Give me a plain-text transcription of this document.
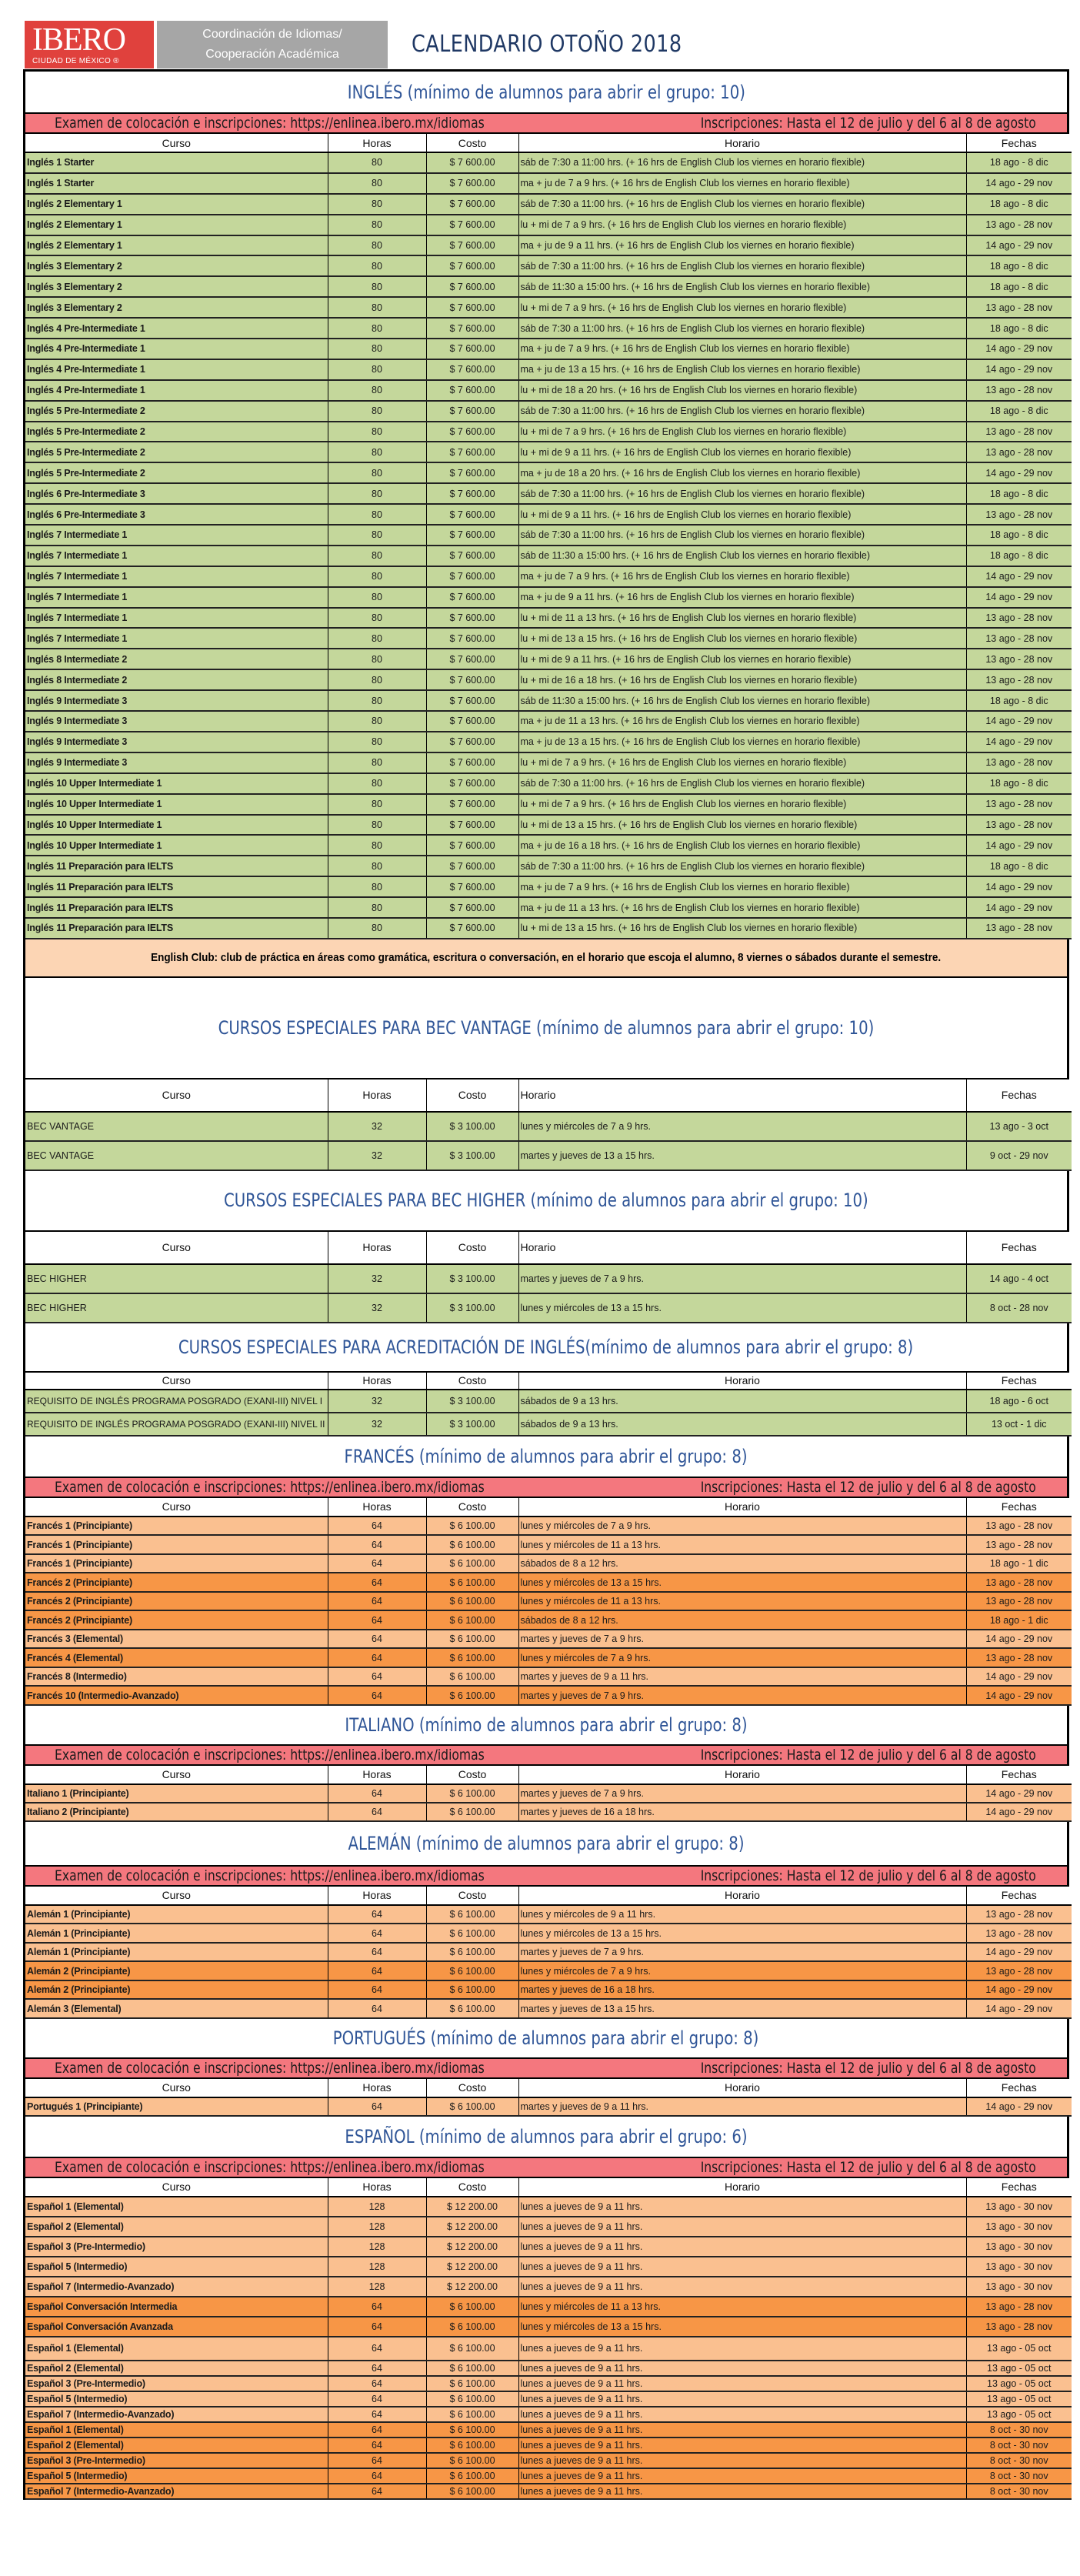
IBERO
CIUDAD DE MÉXICO ®
Coordinación de Idiomas/
Cooperación Académica	CALENDARIO OTOÑO 2018
INGLÉS (mínimo de alumnos para abrir el grupo: 10)
Examen de colocación e inscripciones: https://enlinea.ibero.mx/idiomas	Inscripciones: Hasta el 12 de julio y del 6 al 8 de agosto
Curso	Horas	Costo	Horario	Fechas
Inglés 1 Starter	80	$ 7 600.00	sáb de 7:30 a 11:00 hrs. (+ 16 hrs de English Club los viernes en horario flexible)	18 ago - 8 dic
Inglés 1 Starter	80	$ 7 600.00	ma + ju de 7 a 9 hrs. (+ 16 hrs de English Club los viernes en horario flexible)	14 ago - 29 nov
Inglés 2 Elementary 1	80	$ 7 600.00	sáb de 7:30 a 11:00 hrs. (+ 16 hrs de English Club los viernes en horario flexible)	18 ago - 8 dic
Inglés 2 Elementary 1	80	$ 7 600.00	lu + mi de 7 a 9 hrs. (+ 16 hrs de English Club los viernes en horario flexible)	13 ago - 28 nov
Inglés 2 Elementary 1	80	$ 7 600.00	ma + ju de 9 a 11 hrs. (+ 16 hrs de English Club los viernes en horario flexible)	14 ago - 29 nov
Inglés 3 Elementary 2	80	$ 7 600.00	sáb de 7:30 a 11:00 hrs. (+ 16 hrs de English Club los viernes en horario flexible)	18 ago - 8 dic
Inglés 3 Elementary 2	80	$ 7 600.00	sáb de 11:30 a 15:00 hrs. (+ 16 hrs de English Club los viernes en horario flexible)	18 ago - 8 dic
Inglés 3 Elementary 2	80	$ 7 600.00	lu + mi de 7 a 9 hrs. (+ 16 hrs de English Club los viernes en horario flexible)	13 ago - 28 nov
Inglés 4 Pre-Intermediate 1	80	$ 7 600.00	sáb de 7:30 a 11:00 hrs. (+ 16 hrs de English Club los viernes en horario flexible)	18 ago - 8 dic
Inglés 4 Pre-Intermediate 1	80	$ 7 600.00	ma + ju de 7 a 9 hrs. (+ 16 hrs de English Club los viernes en horario flexible)	14 ago - 29 nov
Inglés 4 Pre-Intermediate 1	80	$ 7 600.00	ma + ju de 13 a 15 hrs. (+ 16 hrs de English Club los viernes en horario flexible)	14 ago - 29 nov
Inglés 4 Pre-Intermediate 1	80	$ 7 600.00	lu + mi de 18 a 20 hrs. (+ 16 hrs de English Club los viernes en horario flexible)	13 ago - 28 nov
Inglés 5 Pre-Intermediate 2	80	$ 7 600.00	sáb de 7:30 a 11:00 hrs. (+ 16 hrs de English Club los viernes en horario flexible)	18 ago - 8 dic
Inglés 5 Pre-Intermediate 2	80	$ 7 600.00	lu + mi de 7 a 9 hrs. (+ 16 hrs de English Club los viernes en horario flexible)	13 ago - 28 nov
Inglés 5 Pre-Intermediate 2	80	$ 7 600.00	lu + mi de 9 a 11 hrs. (+ 16 hrs de English Club los viernes en horario flexible)	13 ago - 28 nov
Inglés 5 Pre-Intermediate 2	80	$ 7 600.00	ma + ju de 18 a 20 hrs. (+ 16 hrs de English Club los viernes en horario flexible)	14 ago - 29 nov
Inglés 6 Pre-Intermediate 3	80	$ 7 600.00	sáb de 7:30 a 11:00 hrs. (+ 16 hrs de English Club los viernes en horario flexible)	18 ago - 8 dic
Inglés 6 Pre-Intermediate 3	80	$ 7 600.00	lu + mi de 9 a 11 hrs. (+ 16 hrs de English Club los viernes en horario flexible)	13 ago - 28 nov
Inglés 7 Intermediate 1	80	$ 7 600.00	sáb de 7:30 a 11:00 hrs. (+ 16 hrs de English Club los viernes en horario flexible)	18 ago - 8 dic
Inglés 7 Intermediate 1	80	$ 7 600.00	sáb de 11:30 a 15:00 hrs. (+ 16 hrs de English Club los viernes en horario flexible)	18 ago - 8 dic
Inglés 7 Intermediate 1	80	$ 7 600.00	ma + ju de 7 a 9 hrs. (+ 16 hrs de English Club los viernes en horario flexible)	14 ago - 29 nov
Inglés 7 Intermediate 1	80	$ 7 600.00	ma + ju de 9 a 11 hrs. (+ 16 hrs de English Club los viernes en horario flexible)	14 ago - 29 nov
Inglés 7 Intermediate 1	80	$ 7 600.00	lu + mi de 11 a 13 hrs. (+ 16 hrs de English Club los viernes en horario flexible)	13 ago - 28 nov
Inglés 7 Intermediate 1	80	$ 7 600.00	lu + mi de 13 a 15 hrs. (+ 16 hrs de English Club los viernes en horario flexible)	13 ago - 28 nov
Inglés 8 Intermediate 2	80	$ 7 600.00	lu + mi de 9 a 11 hrs. (+ 16 hrs de English Club los viernes en horario flexible)	13 ago - 28 nov
Inglés 8 Intermediate 2	80	$ 7 600.00	lu + mi de 16 a 18 hrs. (+ 16 hrs de English Club los viernes en horario flexible)	13 ago - 28 nov
Inglés 9 Intermediate 3	80	$ 7 600.00	sáb de 11:30 a 15:00 hrs. (+ 16 hrs de English Club los viernes en horario flexible)	18 ago - 8 dic
Inglés 9 Intermediate 3	80	$ 7 600.00	ma + ju de 11 a 13 hrs. (+ 16 hrs de English Club los viernes en horario flexible)	14 ago - 29 nov
Inglés 9 Intermediate 3	80	$ 7 600.00	ma + ju de 13 a 15 hrs. (+ 16 hrs de English Club los viernes en horario flexible)	14 ago - 29 nov
Inglés 9 Intermediate 3	80	$ 7 600.00	lu + mi de 7 a 9 hrs. (+ 16 hrs de English Club los viernes en horario flexible)	13 ago - 28 nov
Inglés 10 Upper Intermediate 1	80	$ 7 600.00	sáb de 7:30 a 11:00 hrs. (+ 16 hrs de English Club los viernes en horario flexible)	18 ago - 8 dic
Inglés 10 Upper Intermediate 1	80	$ 7 600.00	lu + mi de 7 a 9 hrs. (+ 16 hrs de English Club los viernes en horario flexible)	13 ago - 28 nov
Inglés 10 Upper Intermediate 1	80	$ 7 600.00	lu + mi de 13 a 15 hrs. (+ 16 hrs de English Club los viernes en horario flexible)	13 ago - 28 nov
Inglés 10 Upper Intermediate 1	80	$ 7 600.00	ma + ju de 16 a 18 hrs. (+ 16 hrs de English Club los viernes en horario flexible)	14 ago - 29 nov
Inglés 11 Preparación para IELTS	80	$ 7 600.00	sáb de 7:30 a 11:00 hrs. (+ 16 hrs de English Club los viernes en horario flexible)	18 ago - 8 dic
Inglés 11 Preparación para IELTS	80	$ 7 600.00	ma + ju de 7 a 9 hrs. (+ 16 hrs de English Club los viernes en horario flexible)	14 ago - 29 nov
Inglés 11 Preparación para IELTS	80	$ 7 600.00	ma + ju de 11 a 13 hrs. (+ 16 hrs de English Club los viernes en horario flexible)	14 ago - 29 nov
Inglés 11 Preparación para IELTS	80	$ 7 600.00	lu + mi de 13 a 15 hrs. (+ 16 hrs de English Club los viernes en horario flexible)	13 ago - 28 nov
English Club: club de práctica en áreas como gramática, escritura o conversación, en el horario que escoja el alumno, 8 viernes o sábados durante el semestre.
CURSOS ESPECIALES PARA BEC VANTAGE (mínimo de alumnos para abrir el grupo: 10)
Curso	Horas	Costo	Horario	Fechas
BEC VANTAGE	32	$ 3 100.00	lunes y miércoles de 7 a 9 hrs.	13 ago - 3 oct
BEC VANTAGE	32	$ 3 100.00	martes y jueves de 13 a 15 hrs.	9 oct - 29 nov
CURSOS ESPECIALES PARA BEC HIGHER (mínimo de alumnos para abrir el grupo: 10)
Curso	Horas	Costo	Horario	Fechas
BEC HIGHER	32	$ 3 100.00	martes y jueves de 7 a 9 hrs.	14 ago - 4 oct
BEC HIGHER	32	$ 3 100.00	lunes y miércoles de 13 a 15 hrs.	8 oct - 28 nov
CURSOS ESPECIALES PARA ACREDITACIÓN DE INGLÉS(mínimo de alumnos para abrir el grupo: 8)
Curso	Horas	Costo	Horario	Fechas
REQUISITO DE INGLÉS PROGRAMA POSGRADO (EXANI-III) NIVEL I	32	$ 3 100.00	sábados de 9 a 13 hrs.	18 ago - 6 oct
REQUISITO DE INGLÉS PROGRAMA POSGRADO (EXANI-III) NIVEL II	32	$ 3 100.00	sábados de 9 a 13 hrs.	13 oct - 1 dic
FRANCÉS (mínimo de alumnos para abrir el grupo: 8)
Examen de colocación e inscripciones: https://enlinea.ibero.mx/idiomas	Inscripciones: Hasta el 12 de julio y del 6 al 8 de agosto
Curso	Horas	Costo	Horario	Fechas
Francés 1 (Principiante)	64	$ 6 100.00	lunes y miércoles de 7 a 9 hrs.	13 ago - 28 nov
Francés 1 (Principiante)	64	$ 6 100.00	lunes y miércoles de 11 a 13 hrs.	13 ago - 28 nov
Francés 1 (Principiante)	64	$ 6 100.00	sábados de 8 a 12 hrs.	18 ago - 1 dic
Francés 2 (Principiante)	64	$ 6 100.00	lunes y miércoles de 13 a 15 hrs.	13 ago - 28 nov
Francés 2 (Principiante)	64	$ 6 100.00	lunes y miércoles de 11 a 13 hrs.	13 ago - 28 nov
Francés 2 (Principiante)	64	$ 6 100.00	sábados de 8 a 12 hrs.	18 ago - 1 dic
Francés 3 (Elemental)	64	$ 6 100.00	martes y jueves de 7 a 9 hrs.	14 ago - 29 nov
Francés 4 (Elemental)	64	$ 6 100.00	lunes y miércoles de 7 a 9 hrs.	13 ago - 28 nov
Francés 8 (Intermedio)	64	$ 6 100.00	martes y jueves de 9 a 11 hrs.	14 ago - 29 nov
Francés 10 (Intermedio-Avanzado)	64	$ 6 100.00	martes y jueves de 7 a 9 hrs.	14 ago - 29 nov
ITALIANO (mínimo de alumnos para abrir el grupo: 8)
Examen de colocación e inscripciones: https://enlinea.ibero.mx/idiomas	Inscripciones: Hasta el 12 de julio y del 6 al 8 de agosto
Curso	Horas	Costo	Horario	Fechas
Italiano 1 (Principiante)	64	$ 6 100.00	martes y jueves de 7 a 9 hrs.	14 ago - 29 nov
Italiano 2 (Principiante)	64	$ 6 100.00	martes y jueves de 16 a 18 hrs.	14 ago - 29 nov
ALEMÁN (mínimo de alumnos para abrir el grupo: 8)
Examen de colocación e inscripciones: https://enlinea.ibero.mx/idiomas	Inscripciones: Hasta el 12 de julio y del 6 al 8 de agosto
Curso	Horas	Costo	Horario	Fechas
Alemán 1 (Principiante)	64	$ 6 100.00	lunes y miércoles de 9 a 11 hrs.	13 ago - 28 nov
Alemán 1 (Principiante)	64	$ 6 100.00	lunes y miércoles de 13 a 15 hrs.	13 ago - 28 nov
Alemán 1 (Principiante)	64	$ 6 100.00	martes y jueves de 7 a 9 hrs.	14 ago - 29 nov
Alemán 2 (Principiante)	64	$ 6 100.00	lunes y miércoles de 7 a 9 hrs.	13 ago - 28 nov
Alemán 2 (Principiante)	64	$ 6 100.00	martes y jueves de 16 a 18 hrs.	14 ago - 29 nov
Alemán 3 (Elemental)	64	$ 6 100.00	martes y jueves de 13 a 15 hrs.	14 ago - 29 nov
PORTUGUÉS (mínimo de alumnos para abrir el grupo: 8)
Examen de colocación e inscripciones: https://enlinea.ibero.mx/idiomas	Inscripciones: Hasta el 12 de julio y del 6 al 8 de agosto
Curso	Horas	Costo	Horario	Fechas
Portugués 1 (Principiante)	64	$ 6 100.00	martes y jueves de 9 a 11 hrs.	14 ago - 29 nov
ESPAÑOL (mínimo de alumnos para abrir el grupo: 6)
Examen de colocación e inscripciones: https://enlinea.ibero.mx/idiomas	Inscripciones: Hasta el 12 de julio y del 6 al 8 de agosto
Curso	Horas	Costo	Horario	Fechas
Español 1 (Elemental)	128	$ 12 200.00	lunes a jueves de 9 a 11 hrs.	13 ago - 30 nov
Español 2 (Elemental)	128	$ 12 200.00	lunes a jueves de 9 a 11 hrs.	13 ago - 30 nov
Español 3 (Pre-Intermedio)	128	$ 12 200.00	lunes a jueves de 9 a 11 hrs.	13 ago - 30 nov
Español 5 (Intermedio)	128	$ 12 200.00	lunes a jueves de 9 a 11 hrs.	13 ago - 30 nov
Español 7 (Intermedio-Avanzado)	128	$ 12 200.00	lunes a jueves de 9 a 11 hrs.	13 ago - 30 nov
Español Conversación Intermedia	64	$ 6 100.00	lunes y miércoles de 11 a 13 hrs.	13 ago - 28 nov
Español Conversación Avanzada	64	$ 6 100.00	lunes y miércoles de 13 a 15 hrs.	13 ago - 28 nov
Español 1 (Elemental)	64	$ 6 100.00	lunes a jueves de 9 a 11 hrs.	13 ago - 05 oct
Español 2 (Elemental)	64	$ 6 100.00	lunes a jueves de 9 a 11 hrs.	13 ago - 05 oct
Español 3 (Pre-Intermedio)	64	$ 6 100.00	lunes a jueves de 9 a 11 hrs.	13 ago - 05 oct
Español 5 (Intermedio)	64	$ 6 100.00	lunes a jueves de 9 a 11 hrs.	13 ago - 05 oct
Español 7 (Intermedio-Avanzado)	64	$ 6 100.00	lunes a jueves de 9 a 11 hrs.	13 ago - 05 oct
Español 1 (Elemental)	64	$ 6 100.00	lunes a jueves de 9 a 11 hrs.	8 oct - 30 nov
Español 2 (Elemental)	64	$ 6 100.00	lunes a jueves de 9 a 11 hrs.	8 oct - 30 nov
Español 3 (Pre-Intermedio)	64	$ 6 100.00	lunes a jueves de 9 a 11 hrs.	8 oct - 30 nov
Español 5 (Intermedio)	64	$ 6 100.00	lunes a jueves de 9 a 11 hrs.	8 oct - 30 nov
Español 7 (Intermedio-Avanzado)	64	$ 6 100.00	lunes a jueves de 9 a 11 hrs.	8 oct - 30 nov
